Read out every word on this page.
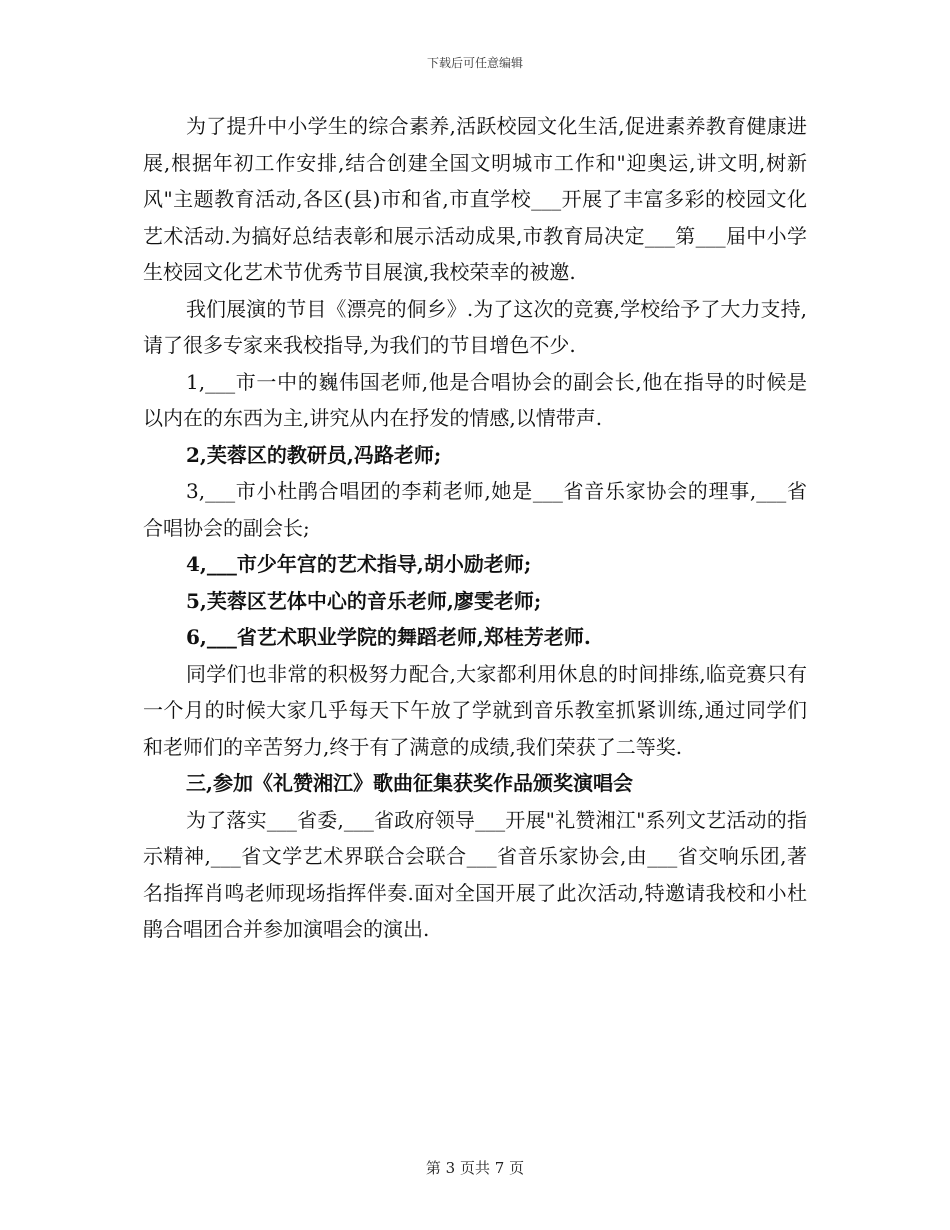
下载后可任意编辑

为了提升中小学生的综合素养,活跃校园文化生活,促进素养教育健康进展,根据年初工作安排,结合创建全国文明城市工作和"迎奥运,讲文明,树新风"主题教育活动,各区(县)市和省,市直学校___开展了丰富多彩的校园文化艺术活动.为搞好总结表彰和展示活动成果,市教育局决定___第___届中小学生校园文化艺术节优秀节目展演,我校荣幸的被邀.

我们展演的节目《漂亮的侗乡》.为了这次的竞赛,学校给予了大力支持,请了很多专家来我校指导,为我们的节目增色不少.

1,___市一中的巍伟国老师,他是合唱协会的副会长,他在指导的时候是以内在的东西为主,讲究从内在抒发的情感,以情带声.

2,芙蓉区的教研员,冯路老师;

3,___市小杜鹃合唱团的李莉老师,她是___省音乐家协会的理事,___省合唱协会的副会长;

4,___市少年宫的艺术指导,胡小励老师;

5,芙蓉区艺体中心的音乐老师,廖雯老师;

6,___省艺术职业学院的舞蹈老师,郑桂芳老师.

同学们也非常的积极努力配合,大家都利用休息的时间排练,临竞赛只有一个月的时候大家几乎每天下午放了学就到音乐教室抓紧训练,通过同学们和老师们的辛苦努力,终于有了满意的成绩,我们荣获了二等奖.

三,参加《礼赞湘江》歌曲征集获奖作品颁奖演唱会

为了落实___省委,___省政府领导___开展"礼赞湘江"系列文艺活动的指示精神,___省文学艺术界联合会联合___省音乐家协会,由___省交响乐团,著名指挥肖鸣老师现场指挥伴奏.面对全国开展了此次活动,特邀请我校和小杜鹃合唱团合并参加演唱会的演出.

第 3 页共 7 页
